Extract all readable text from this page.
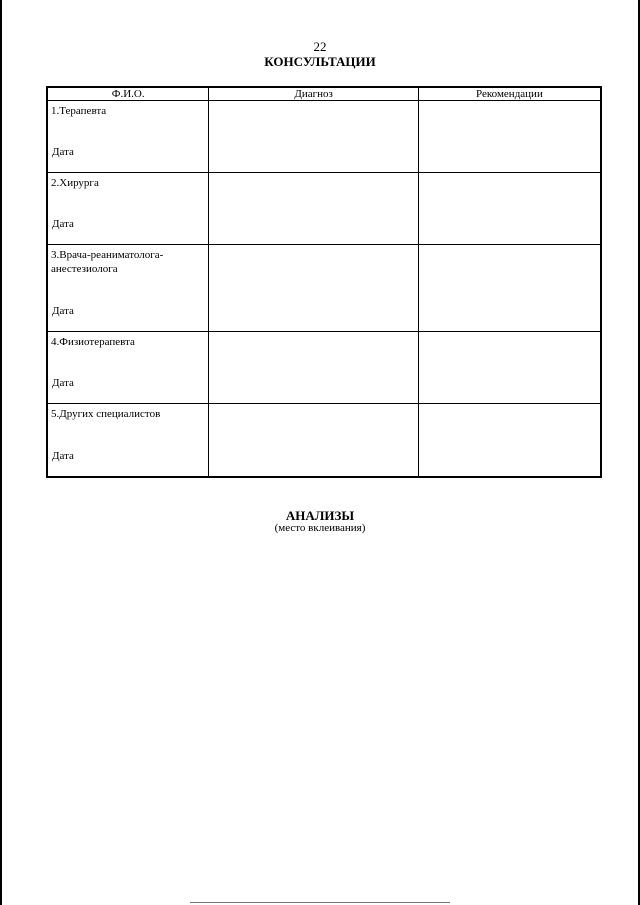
22
КОНСУЛЬТАЦИИ
Ф.И.О.	Диагноз	Рекомендации

1.Терапевта
Дата		

2.Хирурга
Дата		

3.Врача-реаниматолога-анестезиолога
Дата		

4.Физиотерапевта
Дата		

5.Других специалистов
Дата		

АНАЛИЗЫ
(место вклеивания)
